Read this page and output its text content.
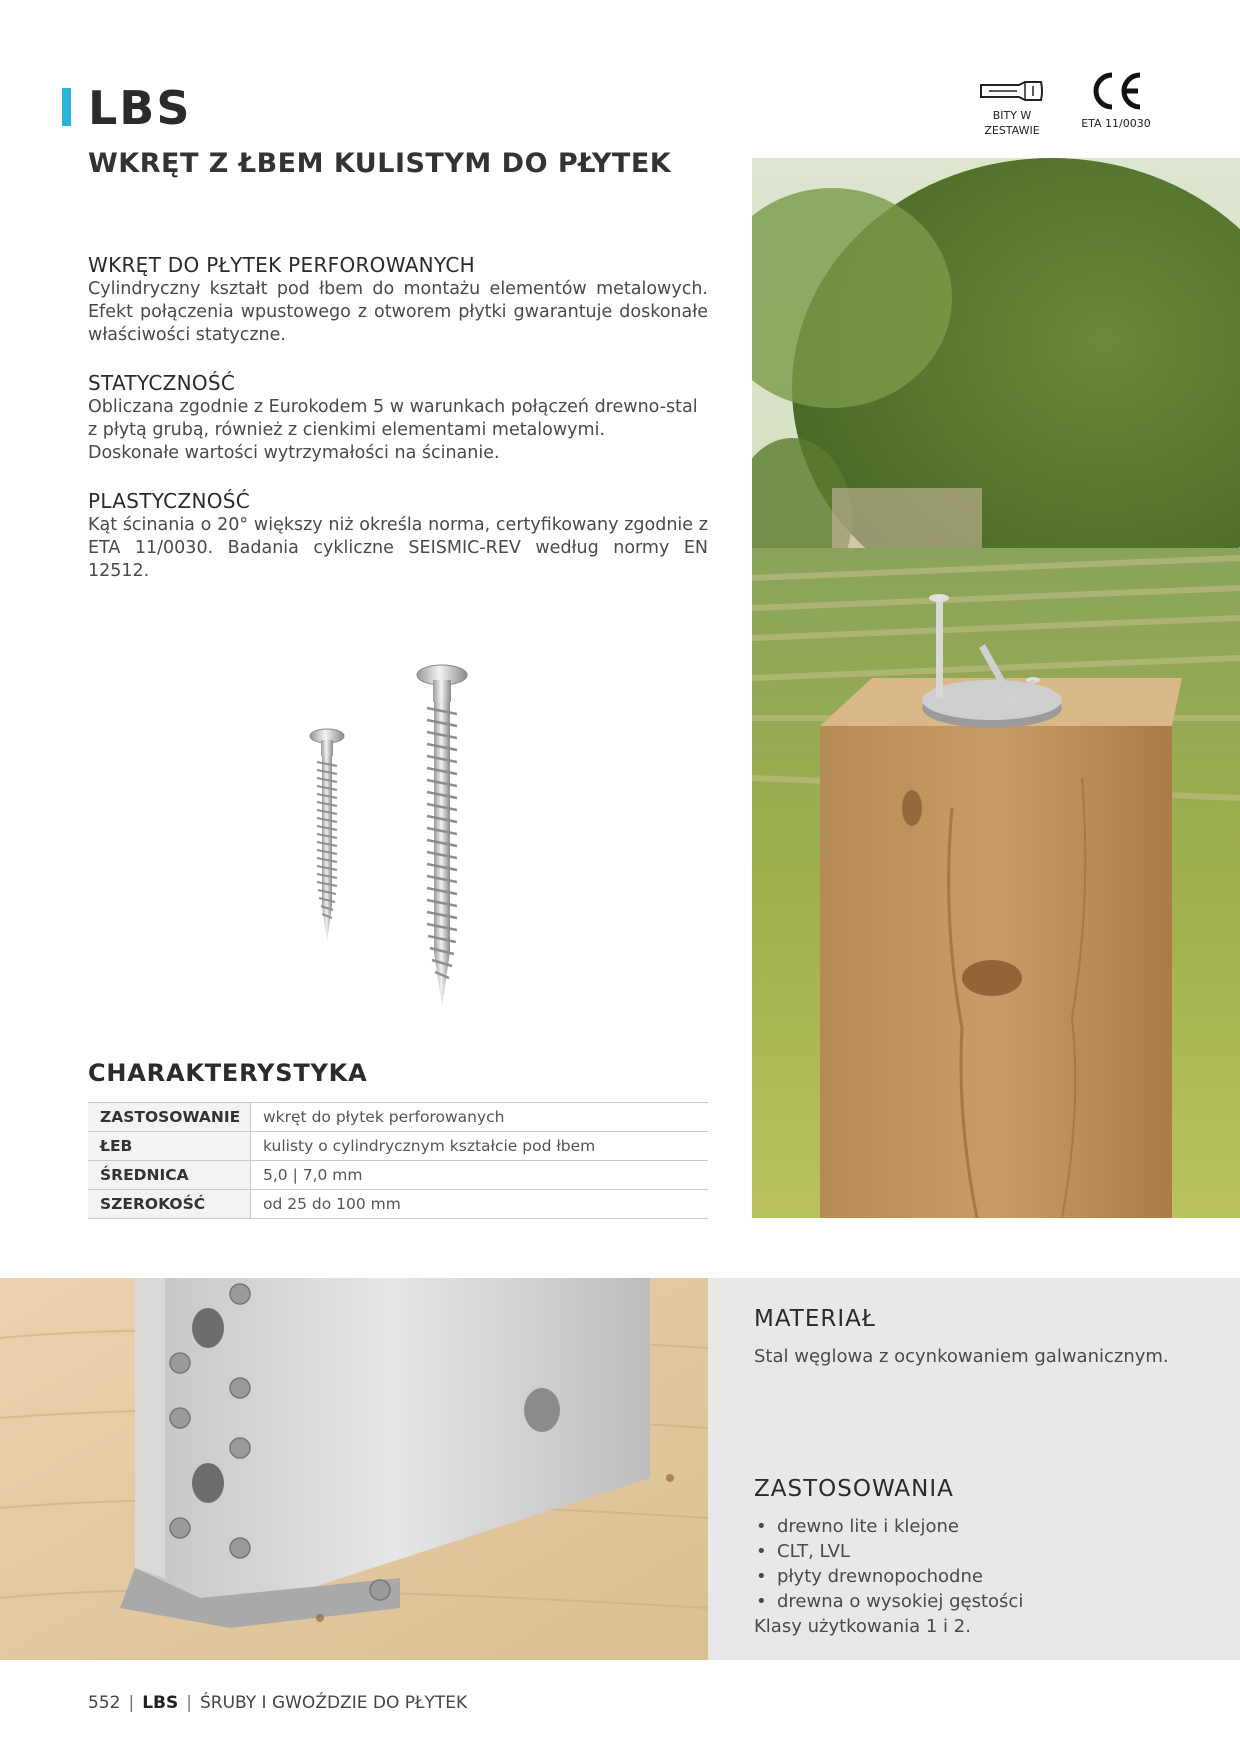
LBS
WKRĘT Z ŁBEM KULISTYM DO PŁYTEK
BITY W
ZESTAWIE
ETA 11/0030
WKRĘT DO PŁYTEK PERFOROWANYCH

Cylindryczny kształt pod łbem do montażu elementów metalowych. Efekt połączenia wpustowego z otworem płytki gwarantuje doskonałe właściwości statyczne.

STATYCZNOŚĆ

Obliczana zgodnie z Eurokodem 5 w warunkach połączeń drewno-stal z płytą grubą, również z cienkimi elementami metalowymi.

Doskonałe wartości wytrzymałości na ścinanie.

PLASTYCZNOŚĆ

Kąt ścinania o 20° większy niż określa norma, certyfikowany zgodnie z ETA 11/0030. Badania cykliczne SEISMIC-REV według normy EN 12512.

CHARAKTERYSTYKA
ZASTOSOWANIE	wkręt do płytek perforowanych
ŁEB	kulisty o cylindrycznym kształcie pod łbem
ŚREDNICA	5,0 | 7,0 mm
SZEROKOŚĆ	od 25 do 100 mm
MATERIAŁ

Stal węglowa z ocynkowaniem galwanicznym.

ZASTOSOWANIA
• drewno lite i klejone
• CLT, LVL
• płyty drewnopochodne
• drewna o wysokiej gęstości

Klasy użytkowania 1 i 2.

552 | LBS | ŚRUBY I GWOŹDZIE DO PŁYTEK
